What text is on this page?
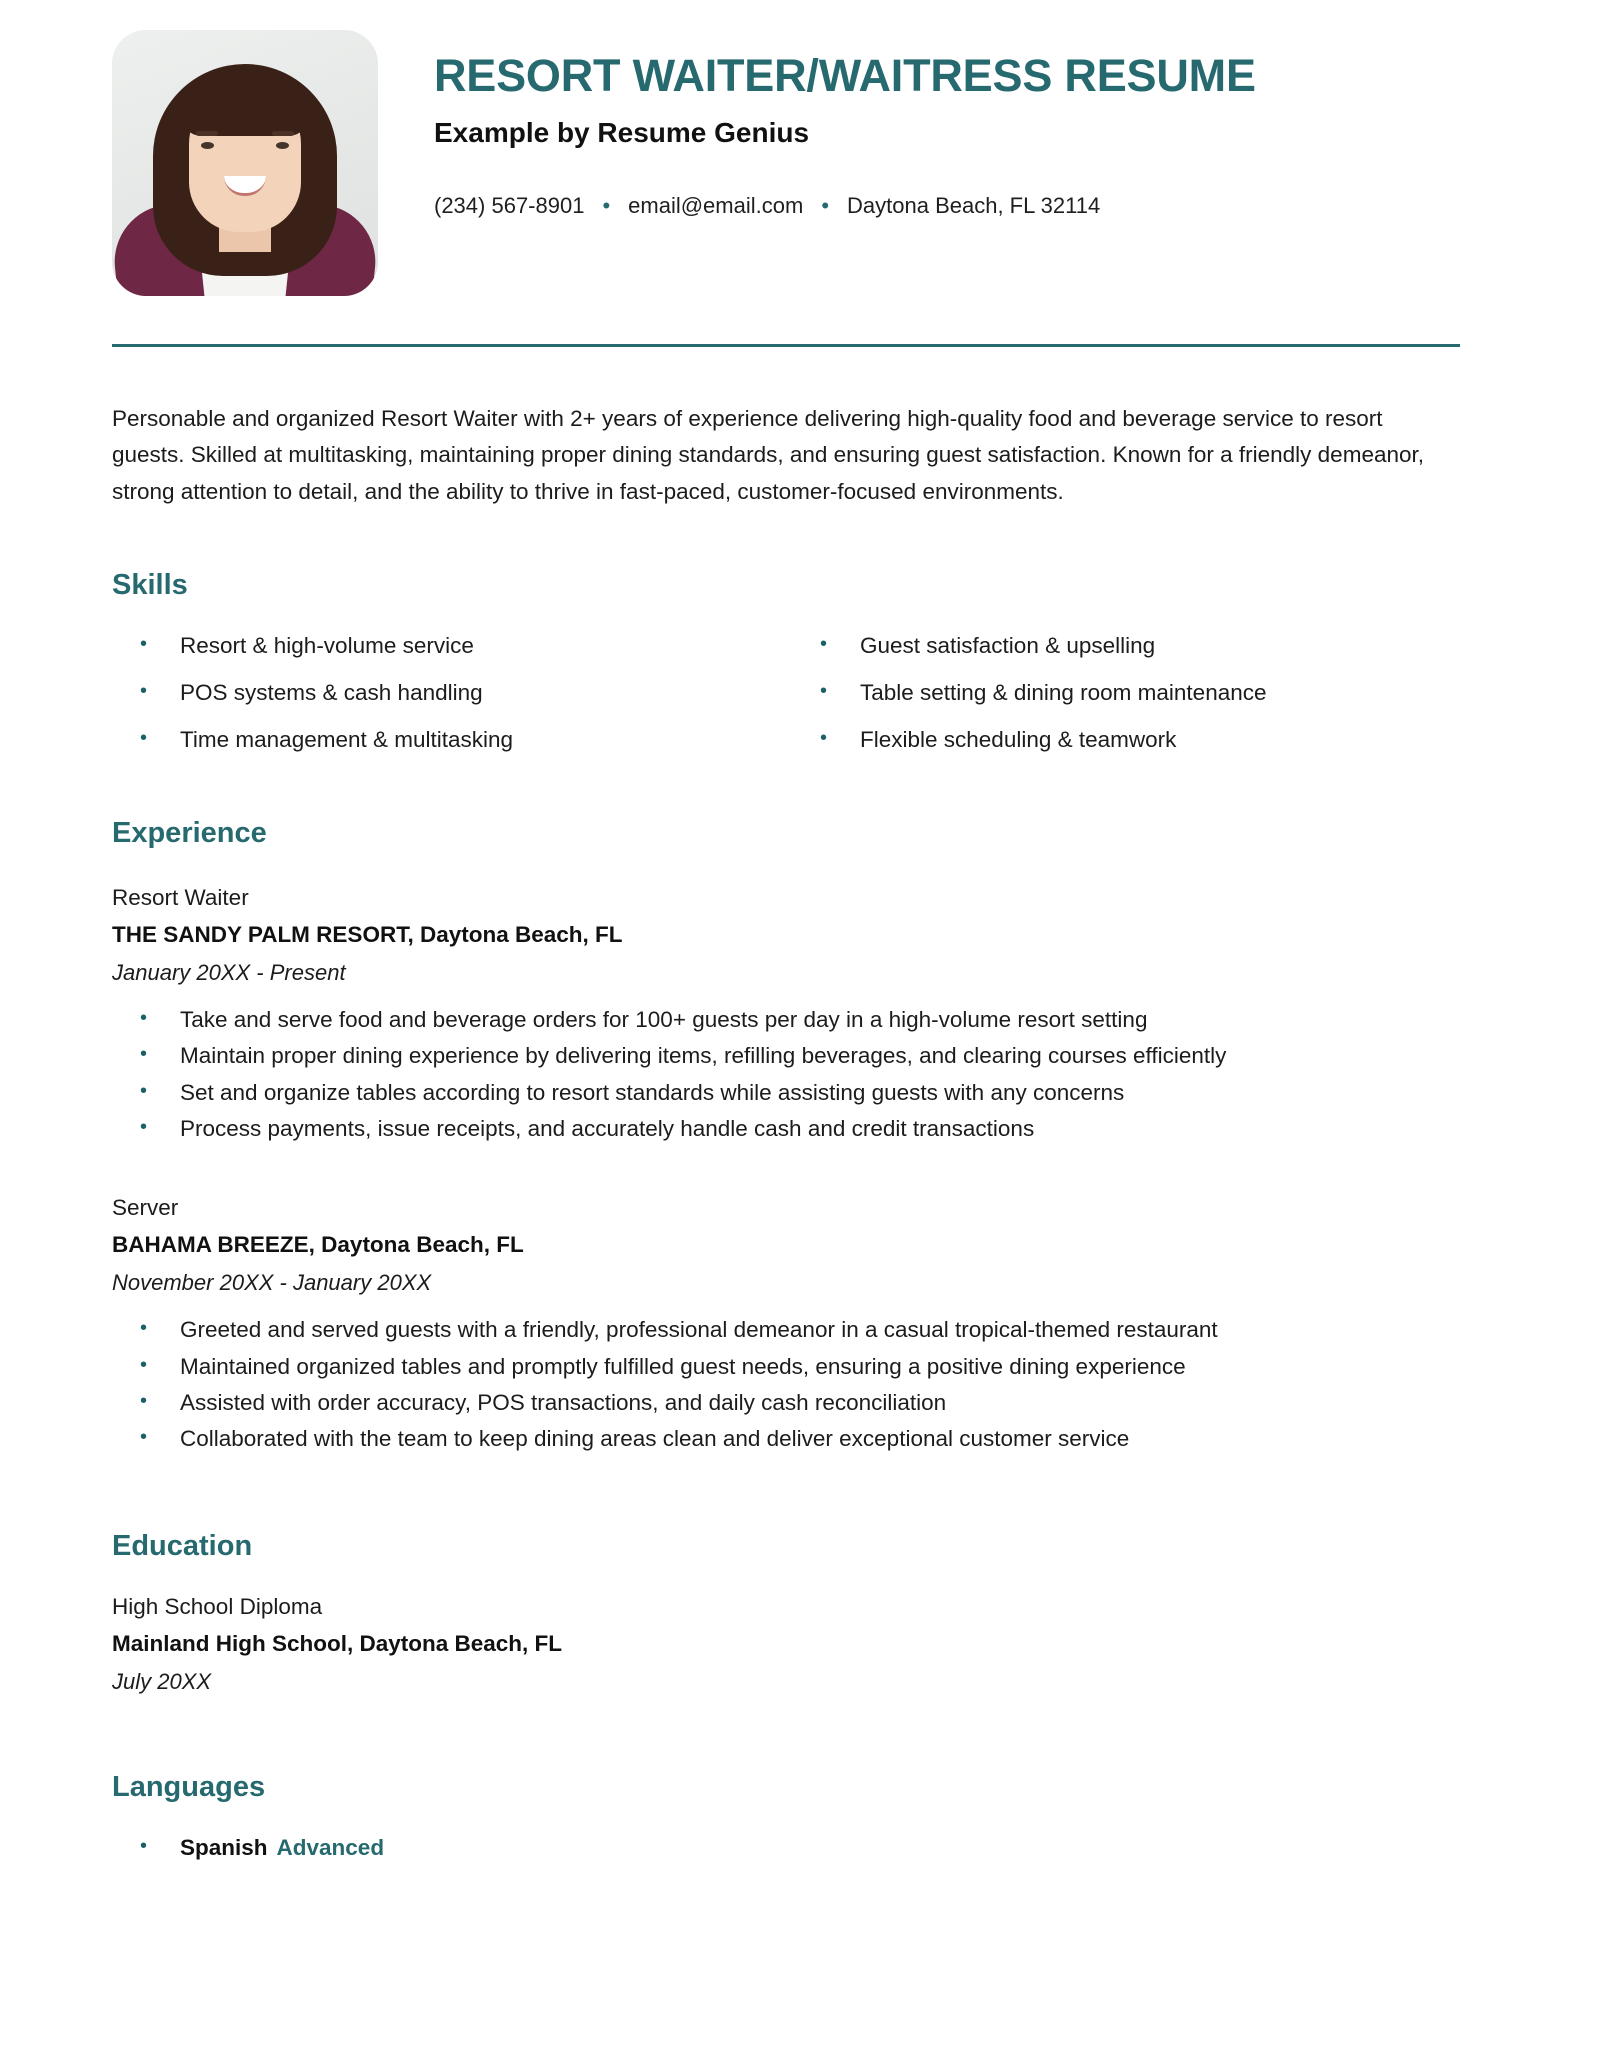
RESORT WAITER/WAITRESS RESUME
Example by Resume Genius
(234) 567-8901 • email@email.com • Daytona Beach, FL 32114

Personable and organized Resort Waiter with 2+ years of experience delivering high-quality food and beverage service to resort guests. Skilled at multitasking, maintaining proper dining standards, and ensuring guest satisfaction. Known for a friendly demeanor, strong attention to detail, and the ability to thrive in fast-paced, customer-focused environments.

Skills
•	Resort & high-volume service	•	Guest satisfaction & upselling
•	POS systems & cash handling	•	Table setting & dining room maintenance
•	Time management & multitasking	•	Flexible scheduling & teamwork
Experience
Resort Waiter
THE SANDY PALM RESORT, Daytona Beach, FL
January 20XX - Present
•	Take and serve food and beverage orders for 100+ guests per day in a high-volume resort setting
•	Maintain proper dining experience by delivering items, refilling beverages, and clearing courses efficiently
•	Set and organize tables according to resort standards while assisting guests with any concerns
•	Process payments, issue receipts, and accurately handle cash and credit transactions
Server
BAHAMA BREEZE, Daytona Beach, FL
November 20XX - January 20XX
•	Greeted and served guests with a friendly, professional demeanor in a casual tropical-themed restaurant
•	Maintained organized tables and promptly fulfilled guest needs, ensuring a positive dining experience
•	Assisted with order accuracy, POS transactions, and daily cash reconciliation
•	Collaborated with the team to keep dining areas clean and deliver exceptional customer service
Education
High School Diploma
Mainland High School, Daytona Beach, FL
July 20XX
Languages
•	Spanish Advanced
